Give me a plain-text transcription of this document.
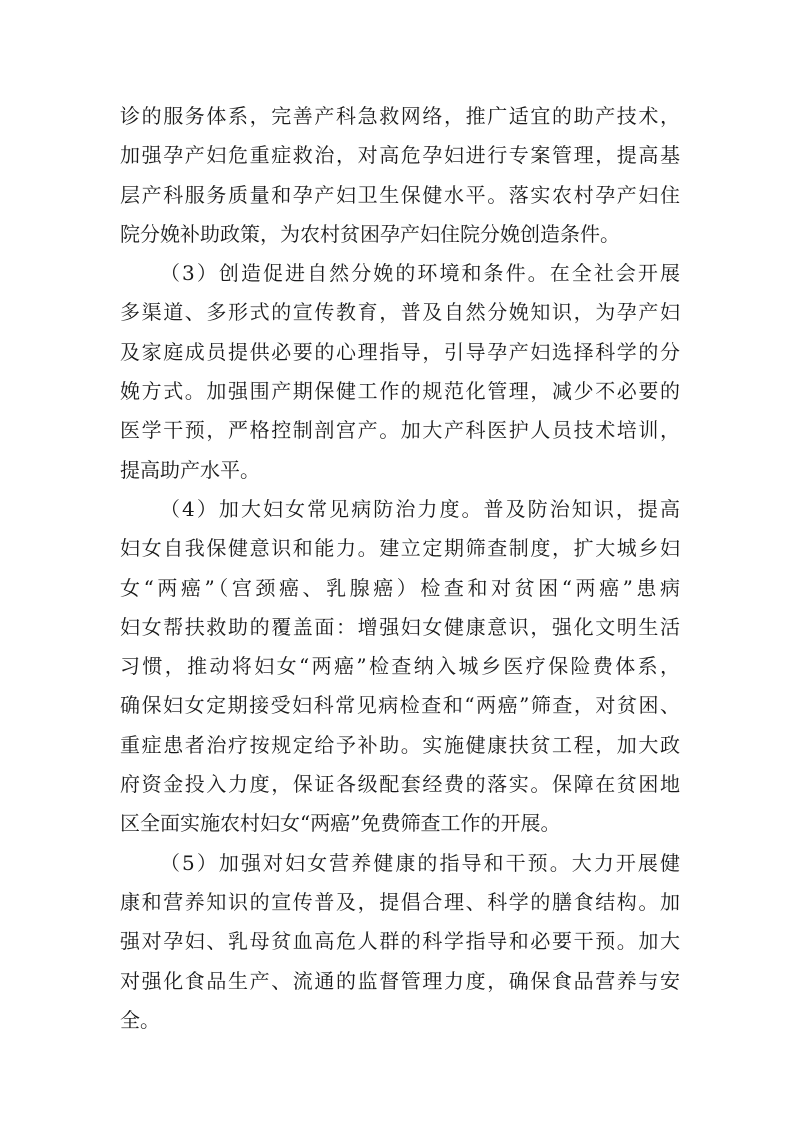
诊的服务体系，完善产科急救网络，推广适宜的助产技术，
加强孕产妇危重症救治，对高危孕妇进行专案管理，提高基
层产科服务质量和孕产妇卫生保健水平。落实农村孕产妇住
院分娩补助政策，为农村贫困孕产妇住院分娩创造条件。
（3）创造促进自然分娩的环境和条件。在全社会开展
多渠道、多形式的宣传教育，普及自然分娩知识，为孕产妇
及家庭成员提供必要的心理指导，引导孕产妇选择科学的分
娩方式。加强围产期保健工作的规范化管理，减少不必要的
医学干预，严格控制剖宫产。加大产科医护人员技术培训，
提高助产水平。
（4）加大妇女常见病防治力度。普及防治知识，提高
妇女自我保健意识和能力。建立定期筛查制度，扩大城乡妇
女“两癌”（宫颈癌、乳腺癌）检查和对贫困“两癌”患病
妇女帮扶救助的覆盖面：增强妇女健康意识，强化文明生活
习惯，推动将妇女“两癌”检查纳入城乡医疗保险费体系，
确保妇女定期接受妇科常见病检查和“两癌”筛查，对贫困、
重症患者治疗按规定给予补助。实施健康扶贫工程，加大政
府资金投入力度，保证各级配套经费的落实。保障在贫困地
区全面实施农村妇女“两癌”免费筛查工作的开展。
（5）加强对妇女营养健康的指导和干预。大力开展健
康和营养知识的宣传普及，提倡合理、科学的膳食结构。加
强对孕妇、乳母贫血高危人群的科学指导和必要干预。加大
对强化食品生产、流通的监督管理力度，确保食品营养与安
全。
